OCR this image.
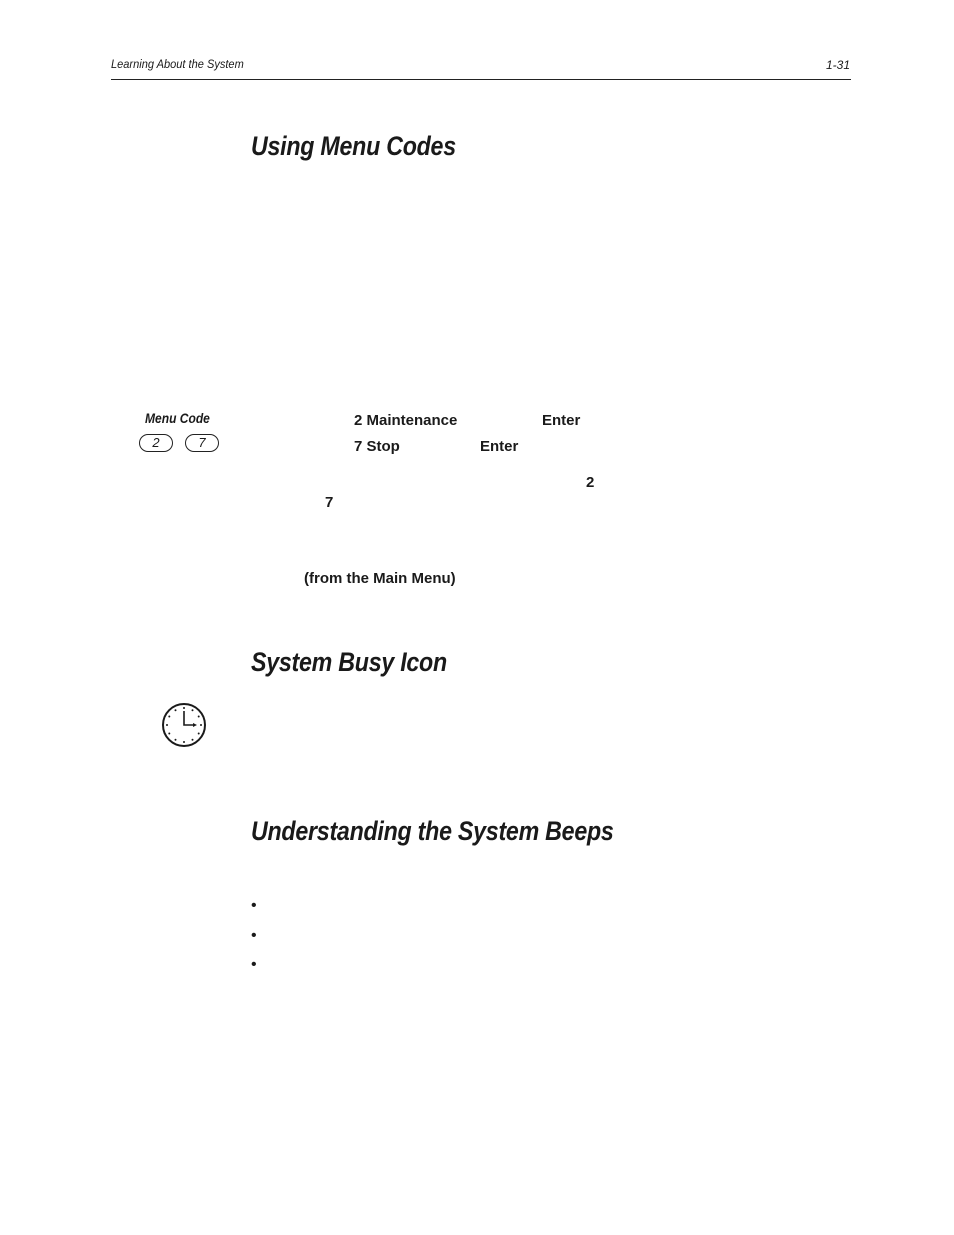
Learning About the System	1-31
Using Menu Codes
Menu Code
2	7
2 Maintenance	Enter
7 Stop	Enter
2
7
(from the Main Menu)
System Busy Icon
Understanding the System Beeps
•
•
•
